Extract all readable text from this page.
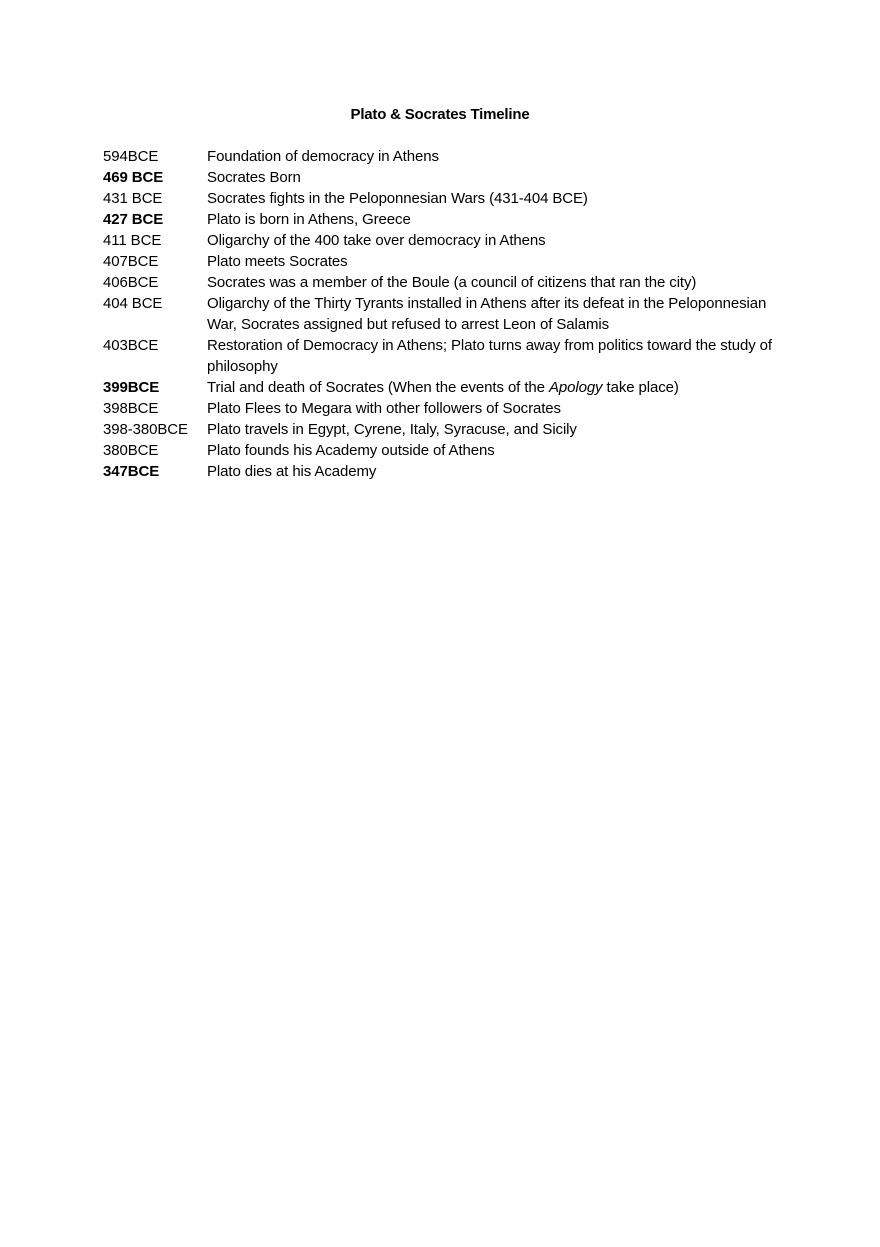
Plato & Socrates Timeline
594BCE	Foundation of democracy in Athens
469 BCE	Socrates Born
431 BCE	Socrates fights in the Peloponnesian Wars (431-404 BCE)
427 BCE	Plato is born in Athens, Greece
411 BCE	Oligarchy of the 400 take over democracy in Athens
407BCE	Plato meets Socrates
406BCE	Socrates was a member of the Boule (a council of citizens that ran the city)
404 BCE	Oligarchy of the Thirty Tyrants installed in Athens after its defeat in the Peloponnesian War, Socrates assigned but refused to arrest Leon of Salamis
403BCE	Restoration of Democracy in Athens; Plato turns away from politics toward the study of philosophy
399BCE	Trial and death of Socrates (When the events of the Apology take place)
398BCE	Plato Flees to Megara with other followers of Socrates
398-380BCE	Plato travels in Egypt, Cyrene, Italy, Syracuse, and Sicily
380BCE	Plato founds his Academy outside of Athens
347BCE	Plato dies at his Academy
